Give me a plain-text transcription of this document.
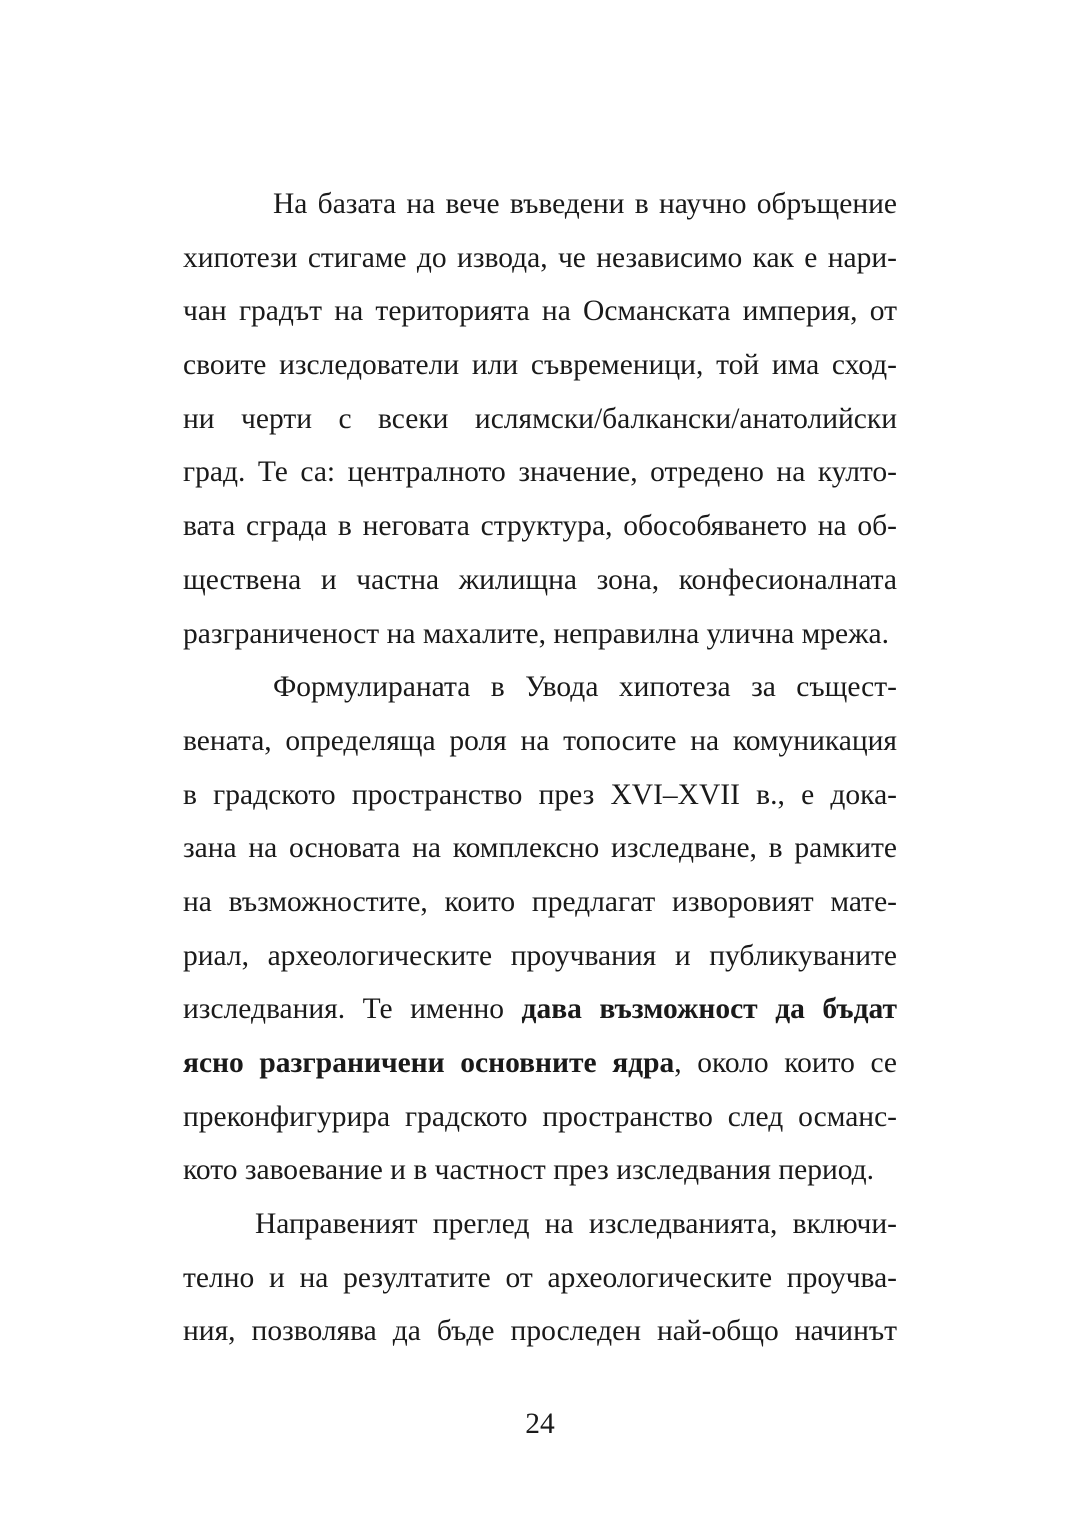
На базата на вече въведени в научно обръщение
хипотези стигаме до извода, че независимо как е нари-
чан градът на територията на Османската империя, от
своите изследователи или съвременици, той има сход-
ни черти с всеки ислямски/балкански/анатолийски
град. Те са: централното значение, отредено на култо-
вата сграда в неговата структура, обособяването на об-
ществена и частна жилищна зона, конфесионалната
разграниченост на махалите, неправилна улична мрежа.
Формулираната в Увода хипотеза за същест-
вената, определяща роля на топосите на комуникация
в градското пространство през XVI–XVII в., е дока-
зана на основата на комплексно изследване, в рамките
на възможностите, които предлагат изворовият мате-
риал, археологическите проучвания и публикуваните
изследвания. Те именно дава възможност да бъдат
ясно разграничени основните ядра, около които се
преконфигурира градското пространство след османс-
кото завоевание и в частност през изследвания период.
Направеният преглед на изследванията, включи-
телно и на резултатите от археологическите проучва-
ния, позволява да бъде проследен най-общо начинът
24
